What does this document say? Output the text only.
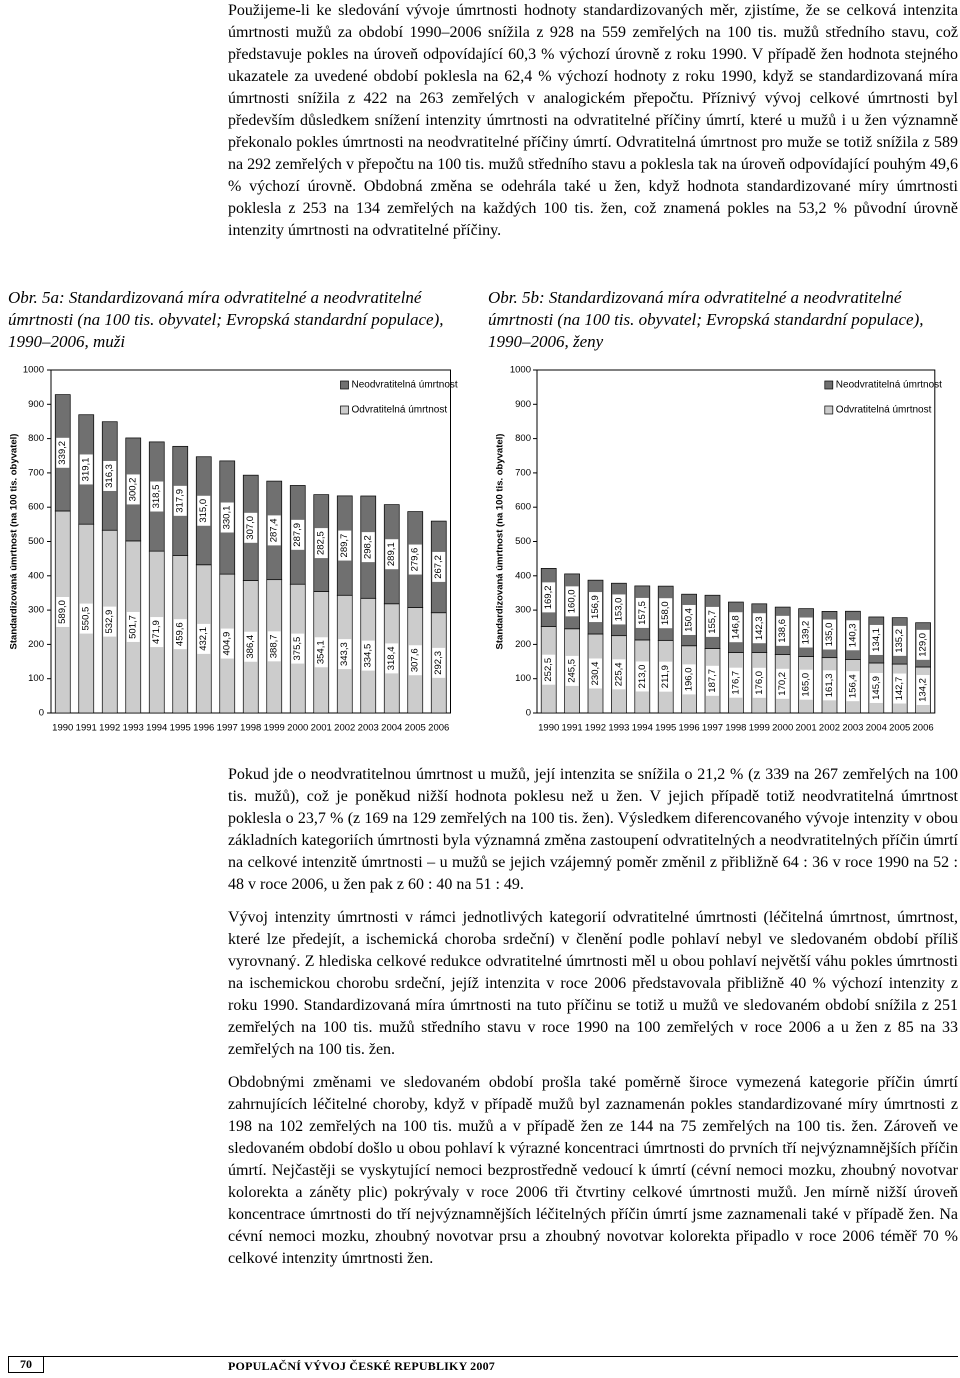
Použijeme-li ke sledování vývoje úmrtnosti hodnoty standardizovaných měr, zjistíme, že se celková intenzita úmrtnosti mužů za období 1990–2006 snížila z 928 na 559 zemřelých na 100 tis. mužů středního stavu, což představuje pokles na úroveň odpovídající 60,3 % výchozí úrovně z roku 1990. V případě žen hodnota stejného ukazatele za uvedené období poklesla na 62,4 % výchozí hodnoty z roku 1990, když se standardizovaná míra úmrtnosti snížila z 422 na 263 zemřelých v analogickém přepočtu. Příznivý vývoj celkové úmrtnosti byl především důsledkem snížení intenzity úmrtnosti na odvratitelné příčiny úmrtí, které u mužů i u žen významně překonalo pokles úmrtnosti na neodvratitelné příčiny úmrtí. Odvratitelná úmrtnost pro muže se totiž snížila z 589 na 292 zemřelých v přepočtu na 100 tis. mužů středního stavu a poklesla tak na úroveň odpovídající pouhým 49,6 % výchozí úrovně. Obdobná změna se odehrála také u žen, když hodnota standardizované míry úmrtnosti poklesla z 253 na 134 zemřelých na každých 100 tis. žen, což znamená pokles na 53,2 % původní úrovně intenzity úmrtnosti na odvratitelné příčiny.

Obr. 5a: Standardizovaná míra odvratitelné a neodvratitelné úmrtnosti (na 100 tis. obyvatel; Evropská standardní populace), 1990–2006, muži

Obr. 5b: Standardizovaná míra odvratitelné a neodvratitelné úmrtnosti (na 100 tis. obyvatel; Evropská standardní populace), 1990–2006, ženy

0
100
200
300
400
500
600
700
800
900
1000
Standardizovaná úmrtnost (na 100 tis. obyvatel)
1990
589,0
339,2
1991
550,5
319,1
1992
532,9
316,3
1993
501,7
300,2
1994
471,9
318,5
1995
459,6
317,9
1996
432,1
315,0
1997
404,9
330,1
1998
386,4
307,0
1999
388,7
287,4
2000
375,5
287,9
2001
354,1
282,5
2002
343,3
289,7
2003
334,5
298,2
2004
318,4
289,1
2005
307,6
279,6
2006
292,3
267,2
Neodvratitelná úmrtnost
Odvratitelná úmrtnost
0
100
200
300
400
500
600
700
800
900
1000
Standardizovaná úmrtnost (na 100 tis. obyvatel)
1990
252,5
169,2
1991
245,5
160,0
1992
230,4
156,9
1993
225,4
153,0
1994
213,0
157,5
1995
211,9
158,0
1996
196,0
150,4
1997
187,7
155,7
1998
176,7
146,8
1999
176,0
142,3
2000
170,2
138,6
2001
165,0
139,2
2002
161,3
135,0
2003
156,4
140,3
2004
145,9
134,1
2005
142,7
135,2
2006
134,2
129,0
Neodvratitelná úmrtnost
Odvratitelná úmrtnost

Pokud jde o neodvratitelnou úmrtnost u mužů, její intenzita se snížila o 21,2 % (z 339 na 267 zemřelých na 100 tis. mužů), což je poněkud nižší hodnota poklesu než u žen. V jejich případě totiž neodvratitelná úmrtnost poklesla o 23,7 % (z 169 na 129 zemřelých na 100 tis. žen). Výsledkem diferencovaného vývoje intenzity v obou základních kategoriích úmrtnosti byla významná změna zastoupení odvratitelných a neodvratitelných příčin úmrtí na celkové intenzitě úmrtnosti – u mužů se jejich vzájemný poměr změnil z přibližně 64 : 36 v roce 1990 na 52 : 48 v roce 2006, u žen pak z 60 : 40 na 51 : 49.

Vývoj intenzity úmrtnosti v rámci jednotlivých kategorií odvratitelné úmrtnosti (léčitelná úmrtnost, úmrtnost, které lze předejít, a ischemická choroba srdeční) v členění podle pohlaví nebyl ve sledovaném období příliš vyrovnaný. Z hlediska celkové redukce odvratitelné úmrtnosti měl u obou pohlaví největší váhu pokles úmrtnosti na ischemickou chorobu srdeční, jejíž intenzita v roce 2006 představovala přibližně 40 % výchozí intenzity z roku 1990. Standardizovaná míra úmrtnosti na tuto příčinu se totiž u mužů ve sledovaném období snížila z 251 zemřelých na 100 tis. mužů středního stavu v roce 1990 na 100 zemřelých v roce 2006 a u žen z 85 na 33 zemřelých na 100 tis. žen.

Obdobnými změnami ve sledovaném období prošla také poměrně široce vymezená kategorie příčin úmrtí zahrnujících léčitelné choroby, když v případě mužů byl zaznamenán pokles standardizované míry úmrtnosti z 198 na 102 zemřelých na 100 tis. mužů a v případě žen ze 144 na 75 zemřelých na 100 tis. žen. Zároveň ve sledovaném období došlo u obou pohlaví k výrazné koncentraci úmrtnosti do prvních tří nejvýznamnějších příčin úmrtí. Nejčastěji se vyskytující nemoci bezprostředně vedoucí k úmrtí (cévní nemoci mozku, zhoubný novotvar kolorekta a záněty plic) pokrývaly v roce 2006 tři čtvrtiny celkové úmrtnosti mužů. Jen mírně nižší úroveň koncentrace úmrtnosti do tří nejvýznamnějších léčitelných příčin úmrtí jsme zaznamenali také v případě žen. Na cévní nemoci mozku, zhoubný novotvar prsu a zhoubný novotvar kolorekta připadlo v roce 2006 téměř 70 % celkové intenzity úmrtnosti žen.

70	POPULAČNÍ VÝVOJ ČESKÉ REPUBLIKY 2007
